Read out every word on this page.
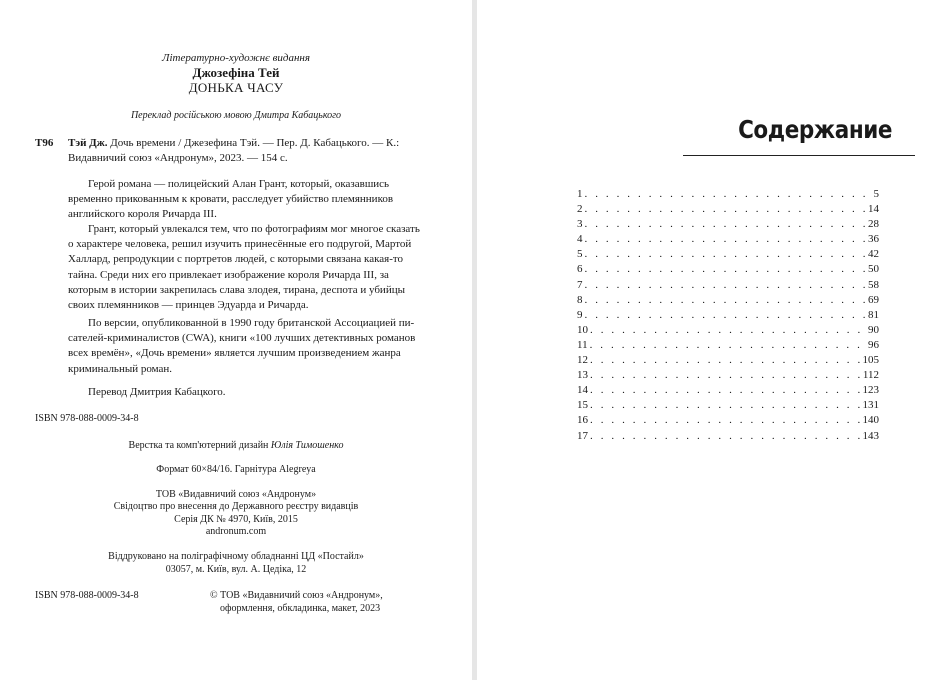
Літературно-художнє видання
Джозефіна Тей
ДОНЬКА ЧАСУ
Переклад російською мовою Дмитра Кабацького
Т96 Тэй Дж. Дочь времени / Джезефина Тэй. — Пер. Д. Кабацького. — К.:
Видавничий союз «Андронум», 2023. — 154 с.

Герой романа — полицейский Алан Грант, который, оказавшись
временно прикованным к кровати, расследует убийство племянников
английского короля Ричарда III.

Грант, который увлекался тем, что по фотографиям мог многое сказать
о характере человека, решил изучить принесённые его подругой, Мартой
Халлард, репродукции с портретов людей, с которыми связана какая-то
тайна. Среди них его привлекает изображение короля Ричарда III, за
которым в истории закрепилась слава злодея, тирана, деспота и убийцы
своих племянников — принцев Эдуарда и Ричарда.

По версии, опубликованной в 1990 году британской Ассоциацией пи-
сателей-криминалистов (CWA), книги «100 лучших детективных романов
всех времён», «Дочь времени» является лучшим произведением жанра
криминальный роман.

Перевод Дмитрия Кабацкого.

ISBN 978-088-0009-34-8
Верстка та комп'ютерний дизайн Юлія Тимошенко
Формат 60×84/16. Гарнітура Alegreya
ТОВ «Видавничий союз «Андронум»
Свідоцтво про внесення до Державного реєстру видавців
Серія ДК № 4970, Київ, 2015
andronum.com
Віддруковано на поліграфічному обладнанні ЦД «Постайл»
03057, м. Київ, вул. А. Цедіка, 12
ISBN 978-088-0009-34-8	© ТОВ «Видавничий союз «Андронум»,
оформлення, обкладинка, макет, 2023
Содержание
1 . . .	5
2 . . .	14
3 . . .	28
4 . . .	36
5 . . .	42
6 . . .	50
7 . . .	58
8 . . .	69
9 . . .	81
10 . . .	90
11 . . .	96
12 . . .	105
13 . . .	112
14 . . .	123
15 . . .	131
16 . . .	140
17 . . .	143
